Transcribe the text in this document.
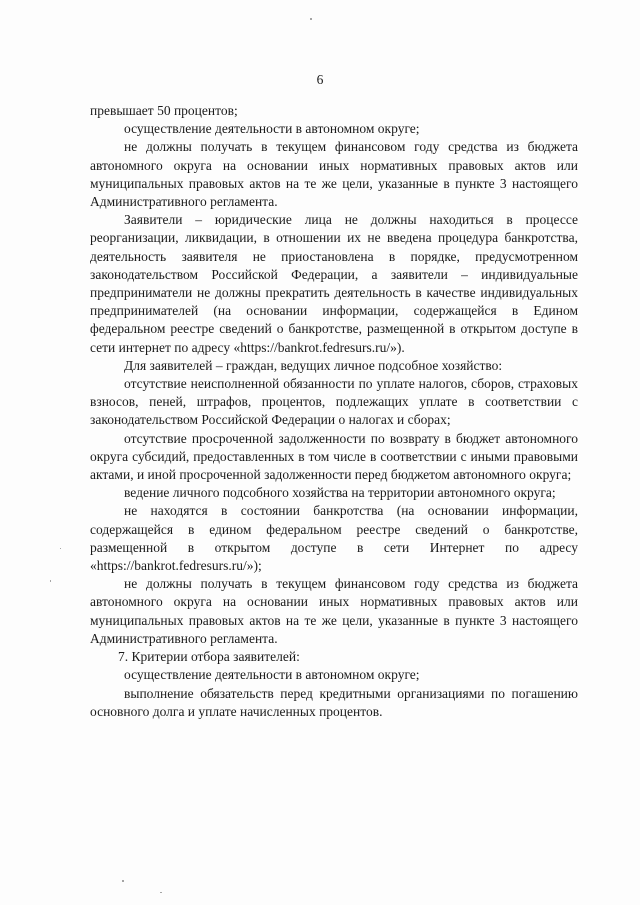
6

превышает 50 процентов;

осуществление деятельности в автономном округе;

не должны получать в текущем финансовом году средства из бюджета автономного округа на основании иных нормативных правовых актов или муниципальных правовых актов на те же цели, указанные в пункте 3 настоящего Административного регламента.

Заявители – юридические лица не должны находиться в процессе реорганизации, ликвидации, в отношении их не введена процедура банкротства, деятельность заявителя не приостановлена в порядке, предусмотренном законодательством Российской Федерации, а заявители – индивидуальные предприниматели не должны прекратить деятельность в качестве индивидуальных предпринимателей (на основании информации, содержащейся в Едином федеральном реестре сведений о банкротстве, размещенной в открытом доступе в сети интернет по адресу «https://bankrot.fedresurs.ru/»).

Для заявителей – граждан, ведущих личное подсобное хозяйство:

отсутствие неисполненной обязанности по уплате налогов, сборов, страховых взносов, пеней, штрафов, процентов, подлежащих уплате в соответствии с законодательством Российской Федерации о налогах и сборах;

отсутствие просроченной задолженности по возврату в бюджет автономного округа субсидий, предоставленных в том числе в соответствии с иными правовыми актами, и иной просроченной задолженности перед бюджетом автономного округа;

ведение личного подсобного хозяйства на территории автономного округа;

не находятся в состоянии банкротства (на основании информации, содержащейся в едином федеральном реестре сведений о банкротстве, размещенной в открытом доступе в сети Интернет по адресу «https://bankrot.fedresurs.ru/»);

не должны получать в текущем финансовом году средства из бюджета автономного округа на основании иных нормативных правовых актов или муниципальных правовых актов на те же цели, указанные в пункте 3 настоящего Административного регламента.

7. Критерии отбора заявителей:

осуществление деятельности в автономном округе;

выполнение обязательств перед кредитными организациями по погашению основного долга и уплате начисленных процентов.
